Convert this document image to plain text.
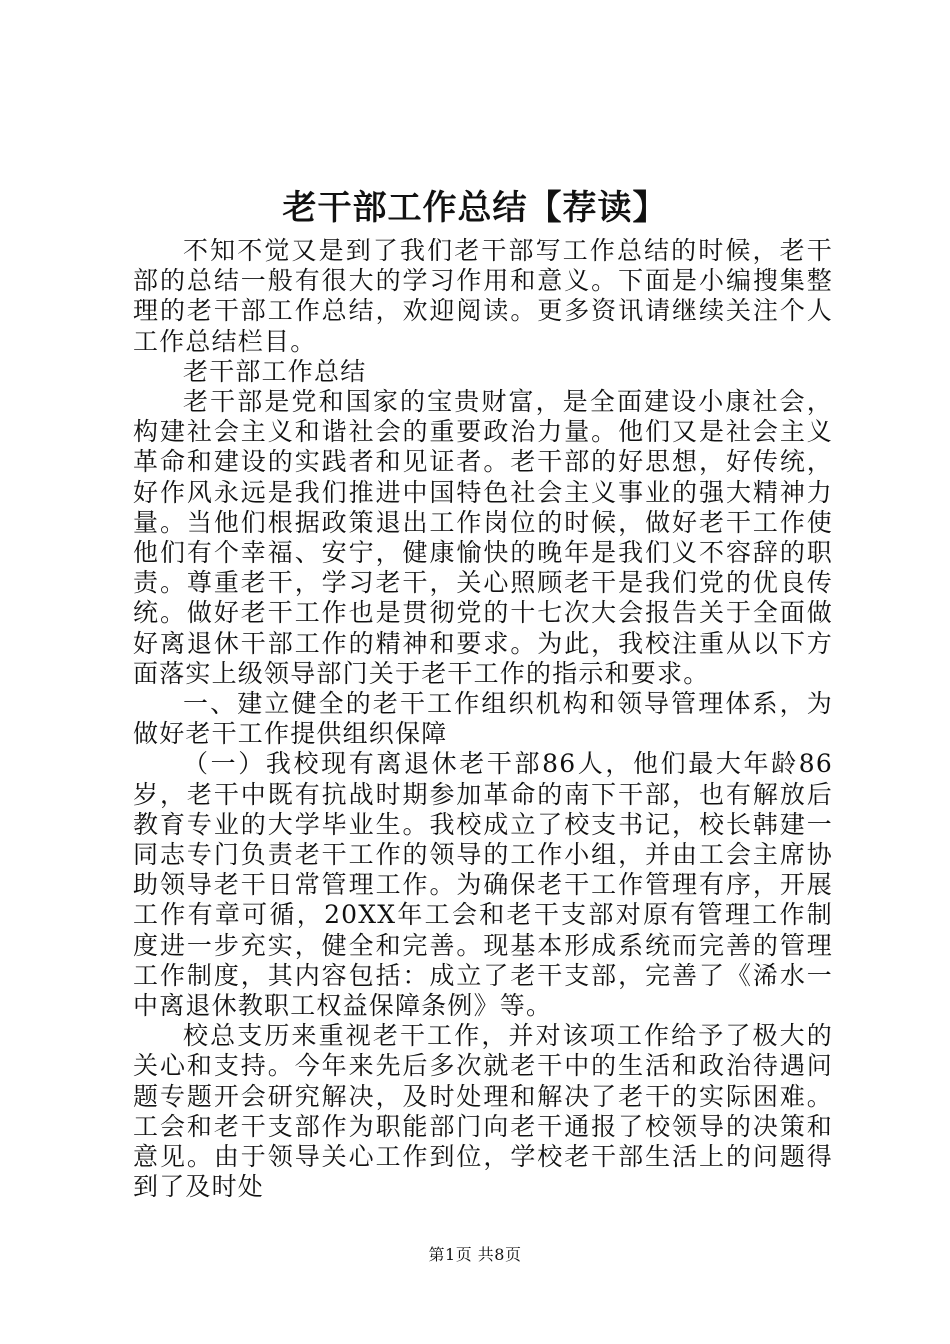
老干部工作总结【荐读】

不知不觉又是到了我们老干部写工作总结的时候，老干部的总结一般有很大的学习作用和意义。下面是小编搜集整理的老干部工作总结，欢迎阅读。更多资讯请继续关注个人工作总结栏目。

老干部工作总结

老干部是党和国家的宝贵财富，是全面建设小康社会，构建社会主义和谐社会的重要政治力量。他们又是社会主义革命和建设的实践者和见证者。老干部的好思想，好传统，好作风永远是我们推进中国特色社会主义事业的强大精神力量。当他们根据政策退出工作岗位的时候，做好老干工作使他们有个幸福、安宁，健康愉快的晚年是我们义不容辞的职责。尊重老干，学习老干，关心照顾老干是我们党的优良传统。做好老干工作也是贯彻党的十七次大会报告关于全面做好离退休干部工作的精神和要求。为此，我校注重从以下方面落实上级领导部门关于老干工作的指示和要求。

一、建立健全的老干工作组织机构和领导管理体系，为做好老干工作提供组织保障

（一）我校现有离退休老干部86人，他们最大年龄86岁，老干中既有抗战时期参加革命的南下干部，也有解放后教育专业的大学毕业生。我校成立了校支书记，校长韩建一同志专门负责老干工作的领导的工作小组，并由工会主席协助领导老干日常管理工作。为确保老干工作管理有序，开展工作有章可循，20XX年工会和老干支部对原有管理工作制度进一步充实，健全和完善。现基本形成系统而完善的管理工作制度，其内容包括：成立了老干支部，完善了《浠水一中离退休教职工权益保障条例》等。

校总支历来重视老干工作，并对该项工作给予了极大的关心和支持。今年来先后多次就老干中的生活和政治待遇问题专题开会研究解决，及时处理和解决了老干的实际困难。工会和老干支部作为职能部门向老干通报了校领导的决策和意见。由于领导关心工作到位，学校老干部生活上的问题得到了及时处

第1页 共8页
